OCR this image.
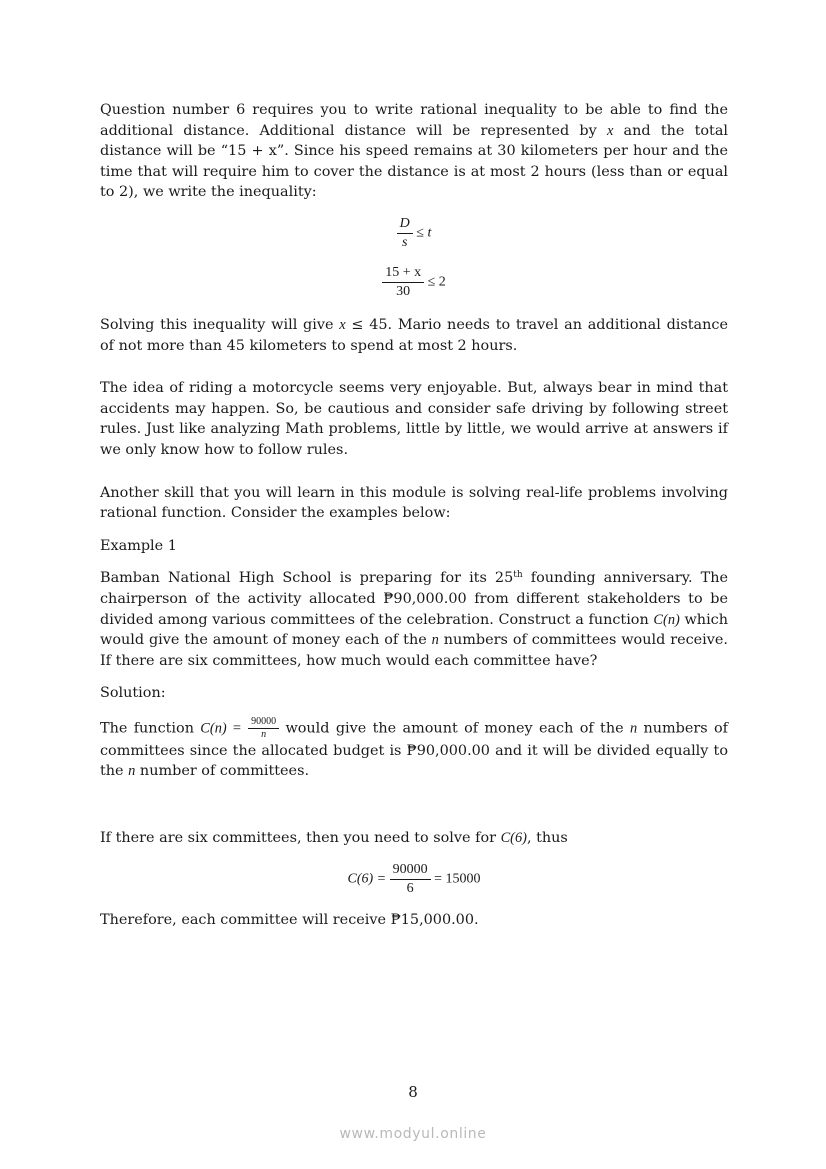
Question number 6 requires you to write rational inequality to be able to find the additional distance. Additional distance will be represented by x and the total distance will be “15 + x”. Since his speed remains at 30 kilometers per hour and the time that will require him to cover the distance is at most 2 hours (less than or equal to 2), we write the inequality:

$\frac{D}{s} \le t$
$\frac{15 + x}{30} \le 2$

Solving this inequality will give x ≤ 45. Mario needs to travel an additional distance of not more than 45 kilometers to spend at most 2 hours.

The idea of riding a motorcycle seems very enjoyable. But, always bear in mind that accidents may happen. So, be cautious and consider safe driving by following street rules. Just like analyzing Math problems, little by little, we would arrive at answers if we only know how to follow rules.

Another skill that you will learn in this module is solving real-life problems involving rational function. Consider the examples below:

Example 1

Bamban National High School is preparing for its 25th founding anniversary. The chairperson of the activity allocated ₱90,000.00 from different stakeholders to be divided among various committees of the celebration. Construct a function C(n) which would give the amount of money each of the n numbers of committees would receive. If there are six committees, how much would each committee have?

Solution:

The function $C(n) = \frac{90000}{n}$ would give the amount of money each of the n numbers of committees since the allocated budget is ₱90,000.00 and it will be divided equally to the n number of committees.

If there are six committees, then you need to solve for C(6), thus

$C(6) = \frac{90000}{6} = 15000$

Therefore, each committee will receive ₱15,000.00.

8
www.modyul.online
